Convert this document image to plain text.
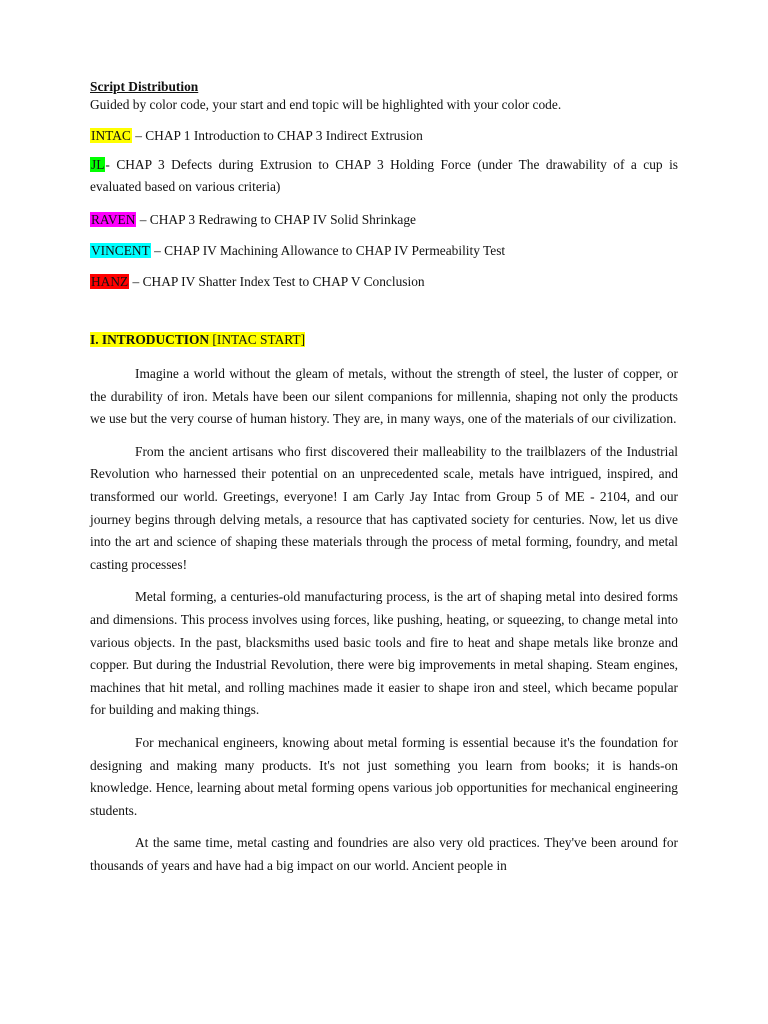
Script Distribution

Guided by color code, your start and end topic will be highlighted with your color code.

INTAC – CHAP 1 Introduction to CHAP 3 Indirect Extrusion

JL- CHAP 3 Defects during Extrusion to CHAP 3 Holding Force (under The drawability of a cup is evaluated based on various criteria)

RAVEN – CHAP 3 Redrawing to CHAP IV Solid Shrinkage

VINCENT – CHAP IV Machining Allowance to CHAP IV Permeability Test

HANZ – CHAP IV Shatter Index Test to CHAP V Conclusion

I. INTRODUCTION [INTAC START]

Imagine a world without the gleam of metals, without the strength of steel, the luster of copper, or the durability of iron. Metals have been our silent companions for millennia, shaping not only the products we use but the very course of human history. They are, in many ways, one of the materials of our civilization.

From the ancient artisans who first discovered their malleability to the trailblazers of the Industrial Revolution who harnessed their potential on an unprecedented scale, metals have intrigued, inspired, and transformed our world. Greetings, everyone! I am Carly Jay Intac from Group 5 of ME - 2104, and our journey begins through delving metals, a resource that has captivated society for centuries. Now, let us dive into the art and science of shaping these materials through the process of metal forming, foundry, and metal casting processes!

Metal forming, a centuries-old manufacturing process, is the art of shaping metal into desired forms and dimensions. This process involves using forces, like pushing, heating, or squeezing, to change metal into various objects. In the past, blacksmiths used basic tools and fire to heat and shape metals like bronze and copper. But during the Industrial Revolution, there were big improvements in metal shaping. Steam engines, machines that hit metal, and rolling machines made it easier to shape iron and steel, which became popular for building and making things.

For mechanical engineers, knowing about metal forming is essential because it's the foundation for designing and making many products. It's not just something you learn from books; it is hands-on knowledge. Hence, learning about metal forming opens various job opportunities for mechanical engineering students.

At the same time, metal casting and foundries are also very old practices. They've been around for thousands of years and have had a big impact on our world. Ancient people in
